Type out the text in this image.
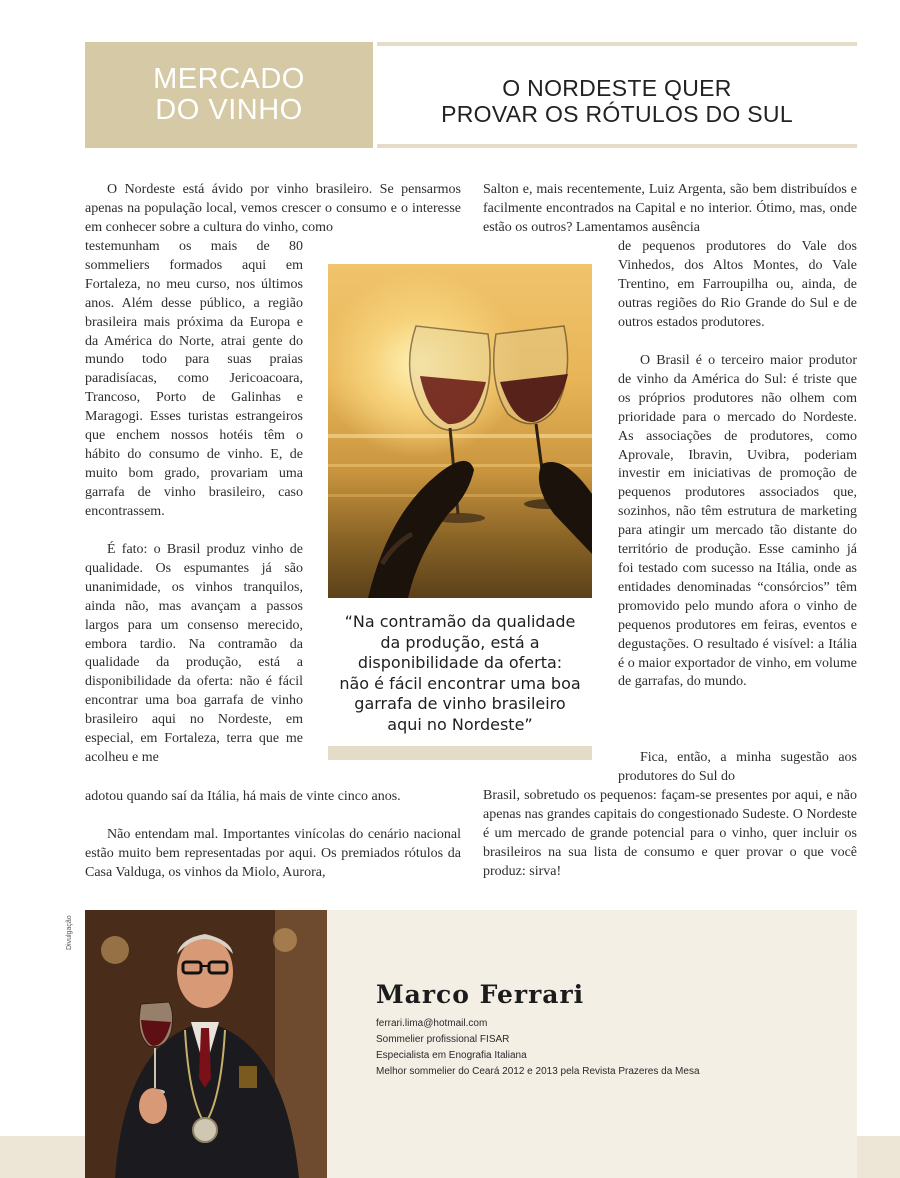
MERCADO
DO VINHO
O NORDESTE QUER
PROVAR OS RÓTULOS DO SUL

O Nordeste está ávido por vinho brasileiro. Se pensarmos apenas na população local, vemos crescer o consumo e o interesse em conhecer sobre a cultura do vinho, como

testemunham os mais de 80 sommeliers formados aqui em Fortaleza, no meu curso, nos últimos anos. Além desse público, a região brasileira mais próxima da Europa e da América do Norte, atrai gente do mundo todo para suas praias paradisíacas, como Jericoacoara, Trancoso, Porto de Galinhas e Maragogi. Esses turistas estrangeiros que enchem nossos hotéis têm o hábito do consumo de vinho. E, de muito bom grado, provariam uma garrafa de vinho brasileiro, caso encontrassem.

É fato: o Brasil produz vinho de qualidade. Os espumantes já são unanimidade, os vinhos tranquilos, ainda não, mas avançam a passos largos para um consenso merecido, embora tardio. Na contramão da qualidade da produção, está a disponibilidade da oferta: não é fácil encontrar uma boa garrafa de vinho brasileiro aqui no Nordeste, em especial, em Fortaleza, terra que me acolheu e me

adotou quando saí da Itália, há mais de vinte cinco anos.

Não entendam mal. Importantes vinícolas do cenário nacional estão muito bem representadas por aqui. Os premiados rótulos da Casa Valduga, os vinhos da Miolo, Aurora,

Salton e, mais recentemente, Luiz Argenta, são bem distribuídos e facilmente encontrados na Capital e no interior. Ótimo, mas, onde estão os outros? Lamentamos ausência

de pequenos produtores do Vale dos Vinhedos, dos Altos Montes, do Vale Trentino, em Farroupilha ou, ainda, de outras regiões do Rio Grande do Sul e de outros estados produtores.

O Brasil é o terceiro maior produtor de vinho da América do Sul: é triste que os próprios produtores não olhem com prioridade para o mercado do Nordeste. As associações de produtores, como Aprovale, Ibravin, Uvibra, poderiam investir em iniciativas de promoção de pequenos produtores associados que, sozinhos, não têm estrutura de marketing para atingir um mercado tão distante do território de produção. Esse caminho já foi testado com sucesso na Itália, onde as entidades denominadas “consórcios” têm promovido pelo mundo afora o vinho de pequenos produtores em feiras, eventos e degustações. O resultado é visível: a Itália é o maior exportador de vinho, em volume de garrafas, do mundo.

Fica, então, a minha sugestão aos produtores do Sul do

Brasil, sobretudo os pequenos: façam-se presentes por aqui, e não apenas nas grandes capitais do congestionado Sudeste. O Nordeste é um mercado de grande potencial para o vinho, quer incluir os brasileiros na sua lista de consumo e quer provar o que você produz: sirva!

“Na contramão da qualidade
da produção, está a
disponibilidade da oferta:
não é fácil encontrar uma boa
garrafa de vinho brasileiro
aqui no Nordeste”
Divulgação
Marco Ferrari
ferrari.lima@hotmail.com
Sommelier profissional FISAR
Especialista em Enografia Italiana
Melhor sommelier do Ceará 2012 e 2013 pela Revista Prazeres da Mesa
